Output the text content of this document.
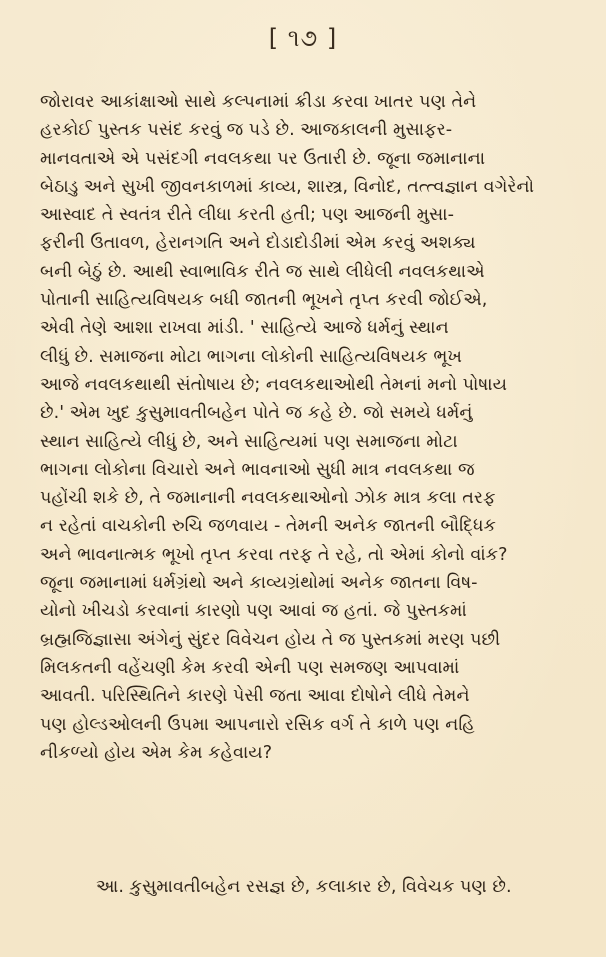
[ ૧૭ ]

જોરાવર આકાંક્ષાઓ સાથે કલ્પનામાં ક્રીડા કરવા ખાતર પણ તેને
હરકોઈ પુસ્તક પસંદ કરવું જ પડે છે. આજકાલની મુસાફર-
માનવતાએ એ પસંદગી નવલકથા પર ઉતારી છે. જૂના જમાનાના
બેઠાડુ અને સુખી જીવનકાળમાં કાવ્ય, શાસ્ત્ર, વિનોદ, તત્ત્વજ્ઞાન વગેરેનો
આસ્વાદ તે સ્વતંત્ર રીતે લીધા કરતી હતી; પણ આજની મુસા-
ફરીની ઉતાવળ, હેરાનગતિ અને દોડાદોડીમાં એમ કરવું અશક્ય
બની બેઠું છે. આથી સ્વાભાવિક રીતે જ સાથે લીધેલી નવલકથાએ
પોતાની સાહિત્યવિષયક બધી જાતની ભૂખને તૃપ્ત કરવી જોઈએ,
એવી તેણે આશા રાખવા માંડી. ' સાહિત્યે આજે ધર્મનું સ્થાન
લીધું છે. સમાજના મોટા ભાગના લોકોની સાહિત્યવિષયક ભૂખ
આજે નવલકથાથી સંતોષાય છે; નવલકથાઓથી તેમનાં મનો પોષાય
છે.' એમ ખુદ કુસુમાવતીબહેન પોતે જ કહે છે. જો સમયે ધર્મનું
સ્થાન સાહિત્યે લીધું છે, અને સાહિત્યમાં પણ સમાજના મોટા
ભાગના લોકોના વિચારો અને ભાવનાઓ સુધી માત્ર નવલકથા જ
પહોંચી શકે છે, તે જમાનાની નવલકથાઓનો ઝોક માત્ર કલા તરફ
ન રહેતાં વાચકોની રુચિ જળવાય - તેમની અનેક જાતની બૌદ્ધિક
અને ભાવનાત્મક ભૂખો તૃપ્ત કરવા તરફ તે રહે, તો એમાં કોનો વાંક?
જૂના જમાનામાં ધર્મગ્રંથો અને કાવ્યગ્રંથોમાં અનેક જાતના વિષ-
યોનો ખીચડો કરવાનાં કારણો પણ આવાં જ હતાં. જે પુસ્તકમાં
બ્રહ્મજિજ્ઞાસા અંગેનું સુંદર વિવેચન હોય તે જ પુસ્તકમાં મરણ પછી
મિલકતની વહેંચણી કેમ કરવી એની પણ સમજણ આપવામાં
આવતી. પરિસ્થિતિને કારણે પેસી જતા આવા દોષોને લીધે તેમને
પણ હોલ્ડઓલની ઉપમા આપનારો રસિક વર્ગ તે કાળે પણ નહિ
નીકળ્યો હોય એમ કેમ કહેવાય?

આ. કુસુમાવતીબહેન રસજ્ઞ છે, કલાકાર છે, વિવેચક પણ છે.
